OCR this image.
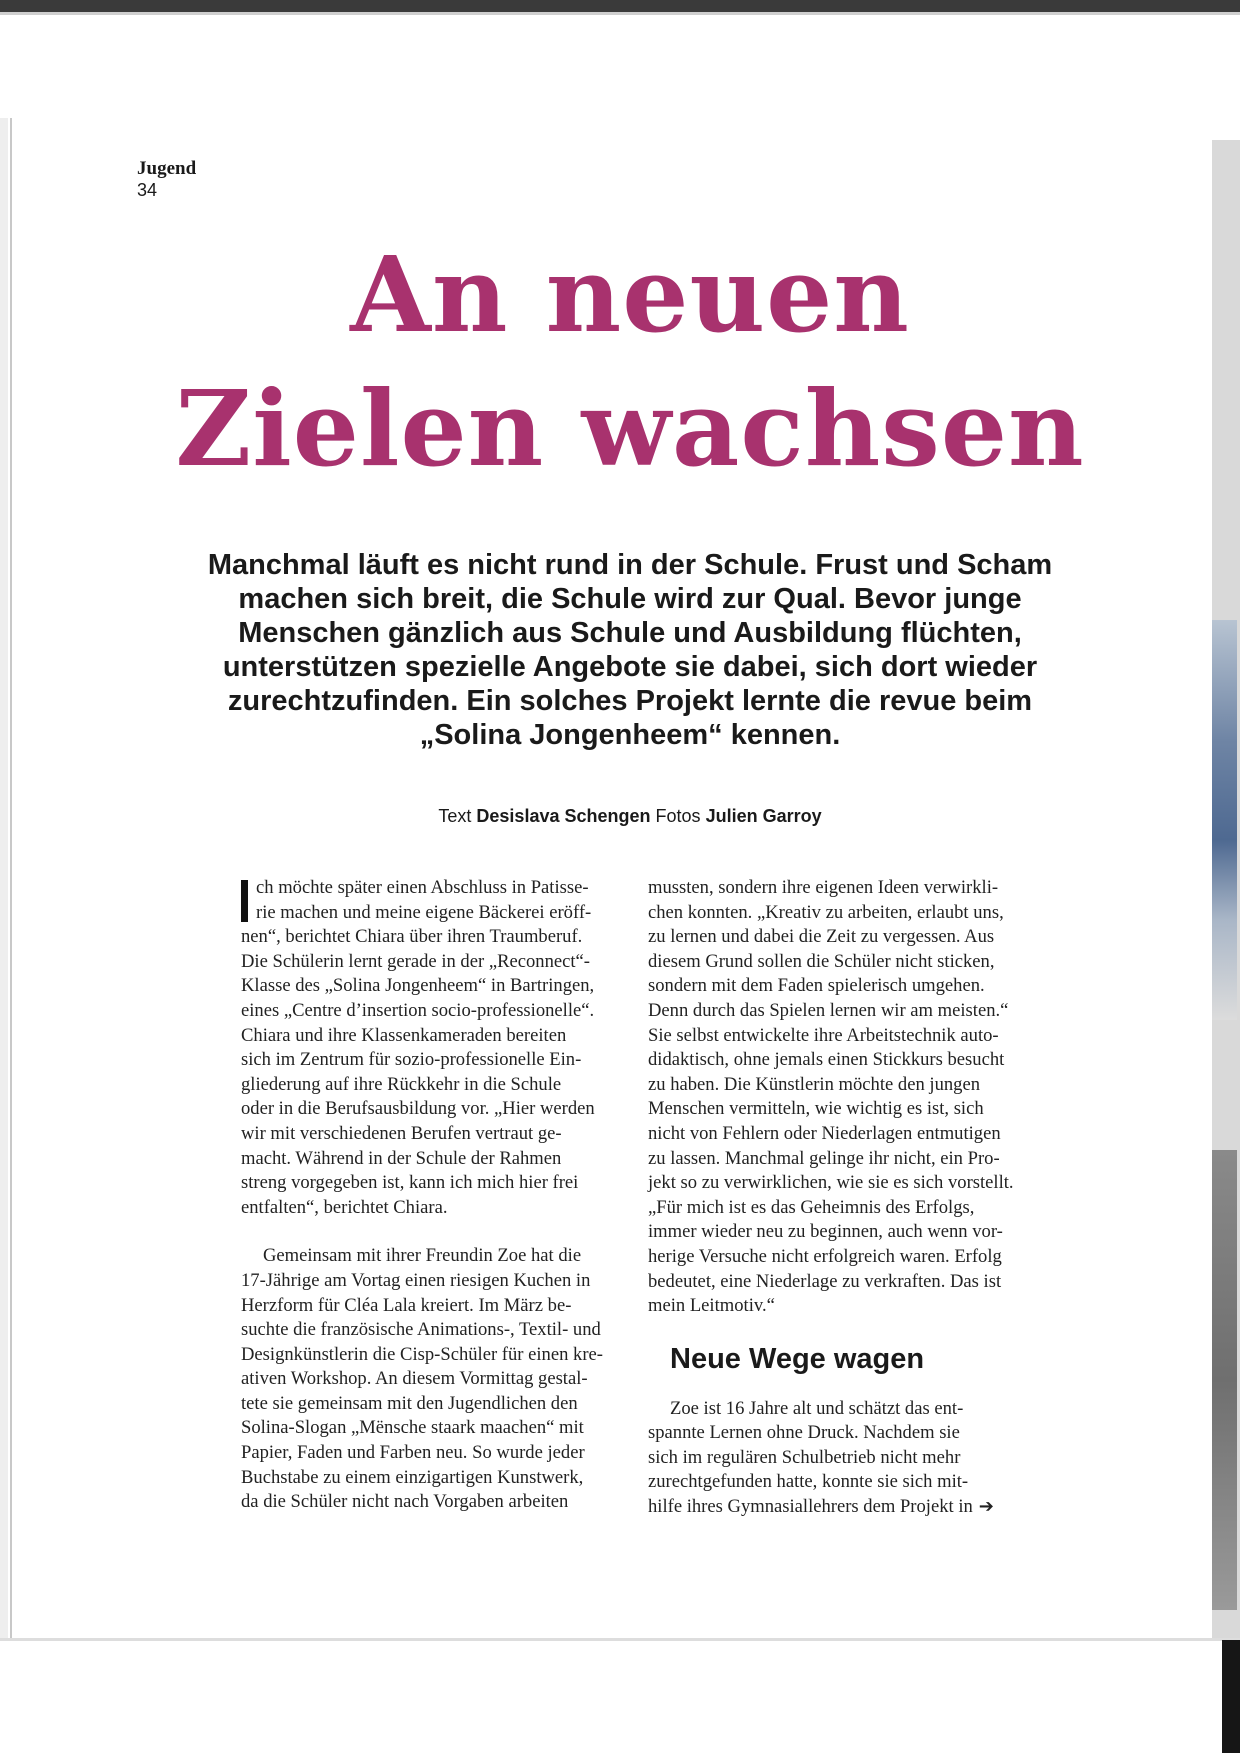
Jugend
34
An neuen
Zielen wachsen
Manchmal läuft es nicht rund in der Schule. Frust und Scham machen sich breit, die Schule wird zur Qual. Bevor junge Menschen gänzlich aus Schule und Ausbildung flüchten, unterstützen spezielle Angebote sie dabei, sich dort wieder zurechtzufinden. Ein solches Projekt lernte die revue beim „Solina Jongenheem“ kennen.
Text Desislava Schengen Fotos Julien Garroy

ch möchte später einen Abschluss in Patisse-

rie machen und meine eigene Bäckerei eröff-

nen“, berichtet Chiara über ihren Traumberuf.

Die Schülerin lernt gerade in der „Reconnect“-

Klasse des „Solina Jongenheem“ in Bartringen,

eines „Centre d’insertion socio-professionelle“.

Chiara und ihre Klassenkameraden bereiten

sich im Zentrum für sozio-professionelle Ein-

gliederung auf ihre Rückkehr in die Schule

oder in die Berufsausbildung vor. „Hier werden

wir mit verschiedenen Berufen vertraut ge-

macht. Während in der Schule der Rahmen

streng vorgegeben ist, kann ich mich hier frei

entfalten“, berichtet Chiara.

Gemeinsam mit ihrer Freundin Zoe hat die

17-Jährige am Vortag einen riesigen Kuchen in

Herzform für Cléa Lala kreiert. Im März be-

suchte die französische Animations-, Textil- und

Designkünstlerin die Cisp-Schüler für einen kre-

ativen Workshop. An diesem Vormittag gestal-

tete sie gemeinsam mit den Jugendlichen den

Solina-Slogan „Mënsche staark maachen“ mit

Papier, Faden und Farben neu. So wurde jeder

Buchstabe zu einem einzigartigen Kunstwerk,

da die Schüler nicht nach Vorgaben arbeiten

mussten, sondern ihre eigenen Ideen verwirkli-

chen konnten. „Kreativ zu arbeiten, erlaubt uns,

zu lernen und dabei die Zeit zu vergessen. Aus

diesem Grund sollen die Schüler nicht sticken,

sondern mit dem Faden spielerisch umgehen.

Denn durch das Spielen lernen wir am meisten.“

Sie selbst entwickelte ihre Arbeitstechnik auto-

didaktisch, ohne jemals einen Stickkurs besucht

zu haben. Die Künstlerin möchte den jungen

Menschen vermitteln, wie wichtig es ist, sich

nicht von Fehlern oder Niederlagen entmutigen

zu lassen. Manchmal gelinge ihr nicht, ein Pro-

jekt so zu verwirklichen, wie sie es sich vorstellt.

„Für mich ist es das Geheimnis des Erfolgs,

immer wieder neu zu beginnen, auch wenn vor-

herige Versuche nicht erfolgreich waren. Erfolg

bedeutet, eine Niederlage zu verkraften. Das ist

mein Leitmotiv.“

Neue Wege wagen

Zoe ist 16 Jahre alt und schätzt das ent-

spannte Lernen ohne Druck. Nachdem sie

sich im regulären Schulbetrieb nicht mehr

zurechtgefunden hatte, konnte sie sich mit-

hilfe ihres Gymnasiallehrers dem Projekt in ➔
